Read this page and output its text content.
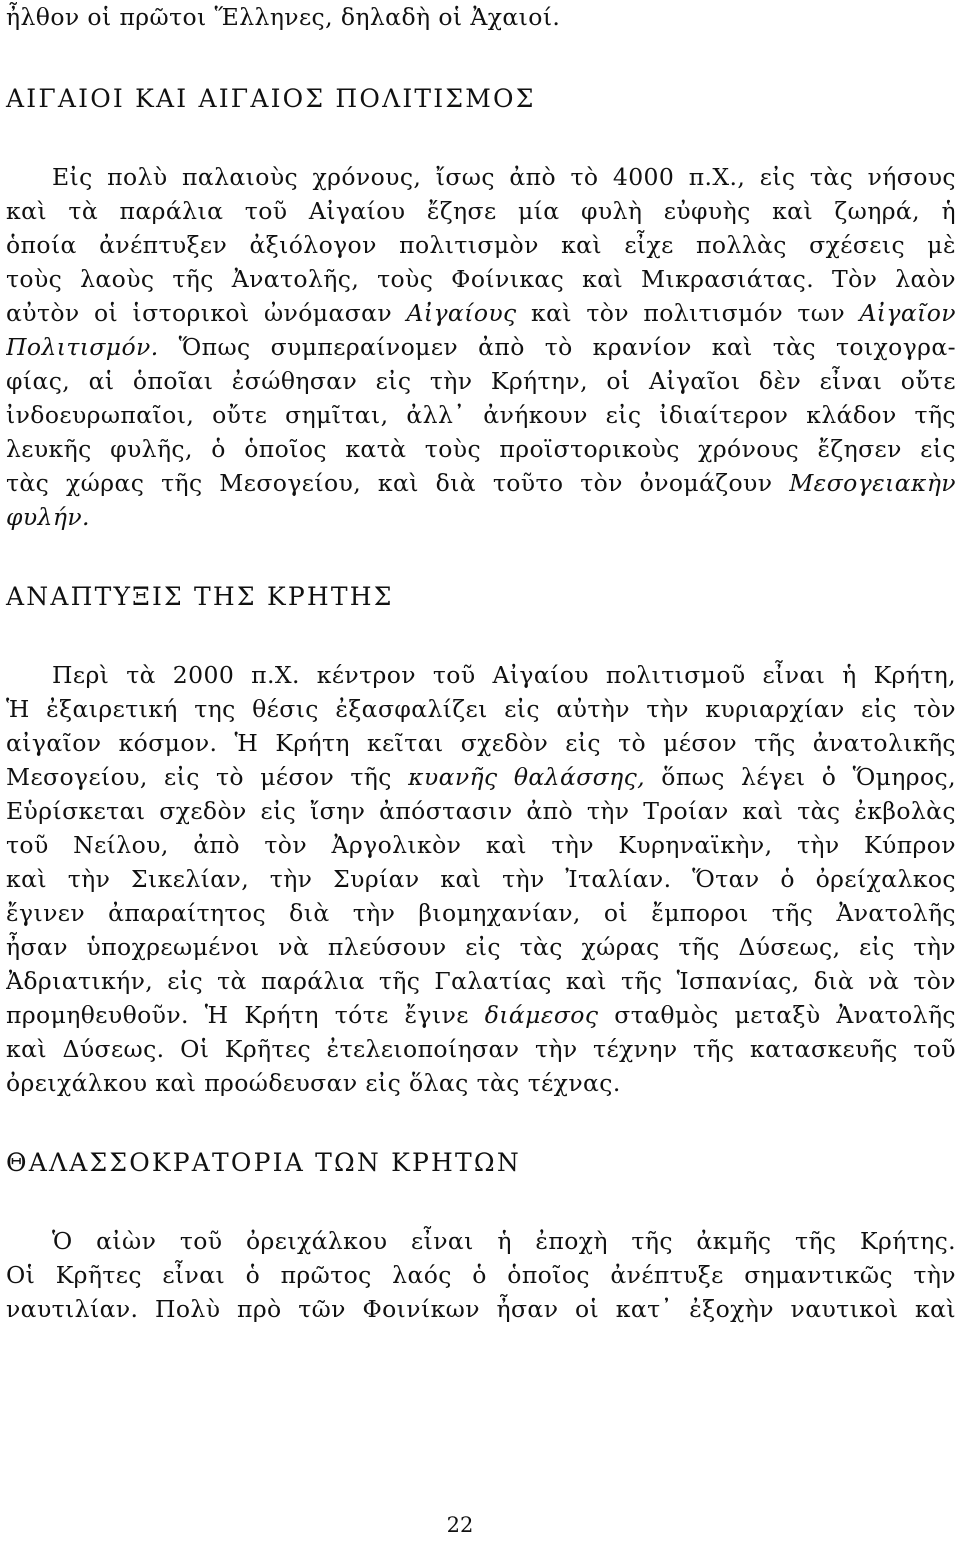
ἦλθον οἱ πρῶτοι Ἕλληνες, δηλαδὴ οἱ Ἀχαιοί.
ΑΙΓΑΙΟΙ ΚΑΙ ΑΙΓΑΙΟΣ ΠΟΛΙΤΙΣΜΟΣ
Εἰς πολὺ παλαιοὺς χρόνους, ἴσως ἀπὸ τὸ 4000 π.Χ., εἰς τὰς νήσους
καὶ τὰ παράλια τοῦ Αἰγαίου ἔζησε μία φυλὴ εὐφυὴς καὶ ζωηρά, ἡ
ὁποία ἀνέπτυξεν ἀξιόλογον πολιτισμὸν καὶ εἶχε πολλὰς σχέσεις μὲ
τοὺς λαοὺς τῆς Ἀνατολῆς, τοὺς Φοίνικας καὶ Μικρασιάτας. Τὸν λαὸν
αὐτὸν οἱ ἱστορικοὶ ὠνόμασαν Αἰγαίους καὶ τὸν πολιτισμόν των Αἰγαῖον
Πολιτισμόν. Ὅπως συμπεραίνομεν ἀπὸ τὸ κρανίον καὶ τὰς τοιχογρα-
φίας, αἱ ὁποῖαι ἐσώθησαν εἰς τὴν Κρήτην, οἱ Αἰγαῖοι δὲν εἶναι οὔτε
ἰνδοευρωπαῖοι, οὔτε σημῖται, ἀλλ᾽ ἀνήκουν εἰς ἰδιαίτερον κλάδον τῆς
λευκῆς φυλῆς, ὁ ὁποῖος κατὰ τοὺς προϊστορικοὺς χρόνους ἔζησεν εἰς
τὰς χώρας τῆς Μεσογείου, καὶ διὰ τοῦτο τὸν ὀνομάζουν Μεσογειακὴν
φυλήν.
ΑΝΑΠΤΥΞΙΣ ΤΗΣ ΚΡΗΤΗΣ
Περὶ τὰ 2000 π.Χ. κέντρον τοῦ Αἰγαίου πολιτισμοῦ εἶναι ἡ Κρήτη,
Ἡ ἐξαιρετική της θέσις ἐξασφαλίζει εἰς αὐτὴν τὴν κυριαρχίαν εἰς τὸν
αἰγαῖον κόσμον. Ἡ Κρήτη κεῖται σχεδὸν εἰς τὸ μέσον τῆς ἀνατολικῆς
Μεσογείου, εἰς τὸ μέσον τῆς κυανῆς θαλάσσης, ὅπως λέγει ὁ Ὅμηρος,
Εὑρίσκεται σχεδὸν εἰς ἴσην ἀπόστασιν ἀπὸ τὴν Τροίαν καὶ τὰς ἐκβολὰς
τοῦ Νείλου, ἀπὸ τὸν Ἀργολικὸν καὶ τὴν Κυρηναϊκὴν, τὴν Κύπρον
καὶ τὴν Σικελίαν, τὴν Συρίαν καὶ τὴν Ἰταλίαν. Ὅταν ὁ ὀρείχαλκος
ἔγινεν ἀπαραίτητος διὰ τὴν βιομηχανίαν, οἱ ἔμποροι τῆς Ἀνατολῆς
ἦσαν ὑποχρεωμένοι νὰ πλεύσουν εἰς τὰς χώρας τῆς Δύσεως, εἰς τὴν
Ἀδριατικήν, εἰς τὰ παράλια τῆς Γαλατίας καὶ τῆς Ἱσπανίας, διὰ νὰ τὸν
προμηθευθοῦν. Ἡ Κρήτη τότε ἔγινε διάμεσος σταθμὸς μεταξὺ Ἀνατολῆς
καὶ Δύσεως. Οἱ Κρῆτες ἐτελειοποίησαν τὴν τέχνην τῆς κατασκευῆς τοῦ
ὀρειχάλκου καὶ προώδευσαν εἰς ὅλας τὰς τέχνας.
ΘΑΛΑΣΣΟΚΡΑΤΟΡΙΑ ΤΩΝ ΚΡΗΤΩΝ
Ὁ αἰὼν τοῦ ὀρειχάλκου εἶναι ἡ ἐποχὴ τῆς ἀκμῆς τῆς Κρήτης.
Οἱ Κρῆτες εἶναι ὁ πρῶτος λαός ὁ ὁποῖος ἀνέπτυξε σημαντικῶς τὴν
ναυτιλίαν. Πολὺ πρὸ τῶν Φοινίκων ἦσαν οἱ κατ᾽ ἐξοχὴν ναυτικοὶ καὶ
22
